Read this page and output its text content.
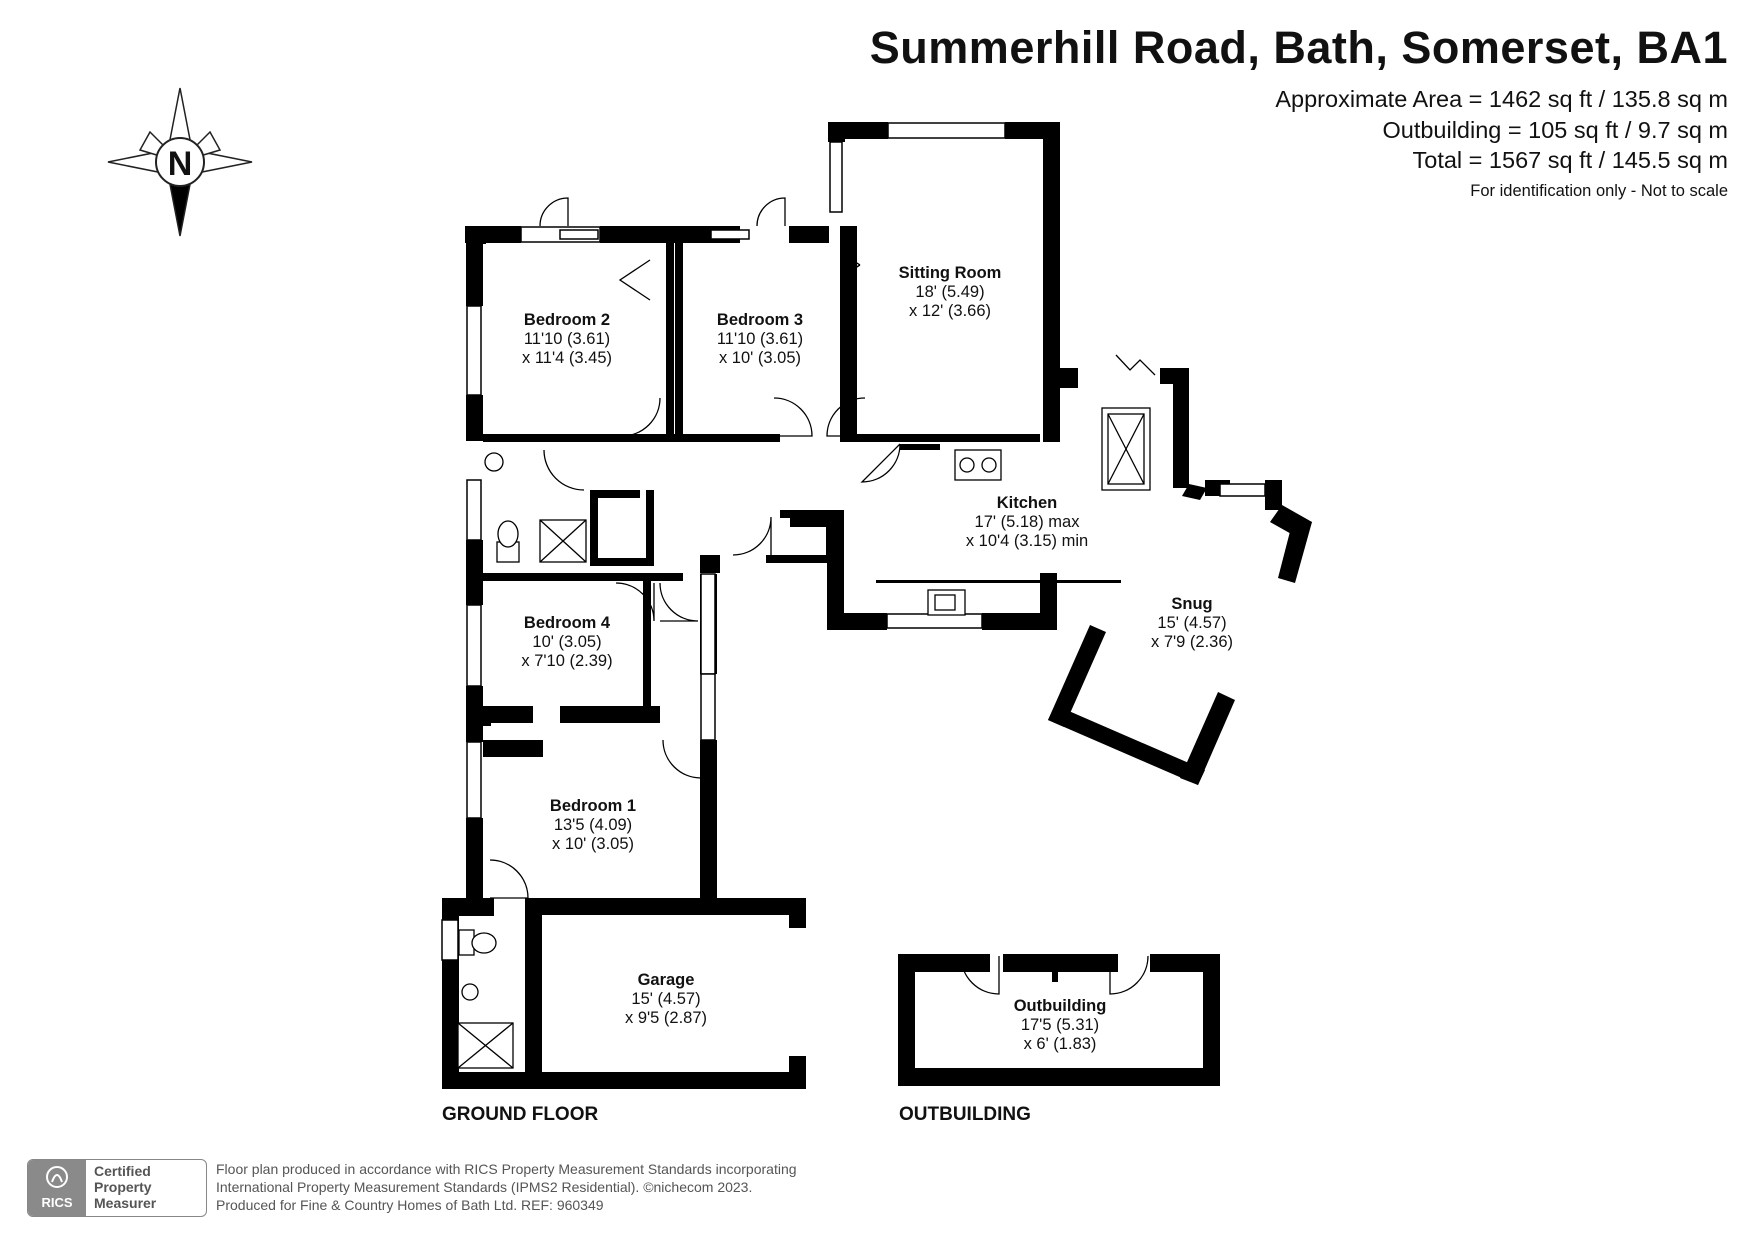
N
Summerhill Road, Bath, Somerset, BA1
Approximate Area = 1462 sq ft / 135.8 sq m
Outbuilding = 105 sq ft / 9.7 sq m
Total = 1567 sq ft / 145.5 sq m
For identification only - Not to scale
Bedroom 2
11'10 (3.61)
x 11'4 (3.45)
Bedroom 3
11'10 (3.61)
x 10' (3.05)
Sitting Room
18' (5.49)
x 12' (3.66)
Kitchen
17' (5.18) max
x 10'4 (3.15) min
Snug
15' (4.57)
x 7'9 (2.36)
Bedroom 4
10' (3.05)
x 7'10 (2.39)
Bedroom 1
13'5 (4.09)
x 10' (3.05)
Garage
15' (4.57)
x 9'5 (2.87)
Outbuilding
17'5 (5.31)
x 6' (1.83)
GROUND FLOOR	OUTBUILDING
RICS
Certified
Property
Measurer
Floor plan produced in accordance with RICS Property Measurement Standards incorporating
International Property Measurement Standards (IPMS2 Residential). ©nichecom 2023.
Produced for Fine & Country Homes of Bath Ltd. REF: 960349
